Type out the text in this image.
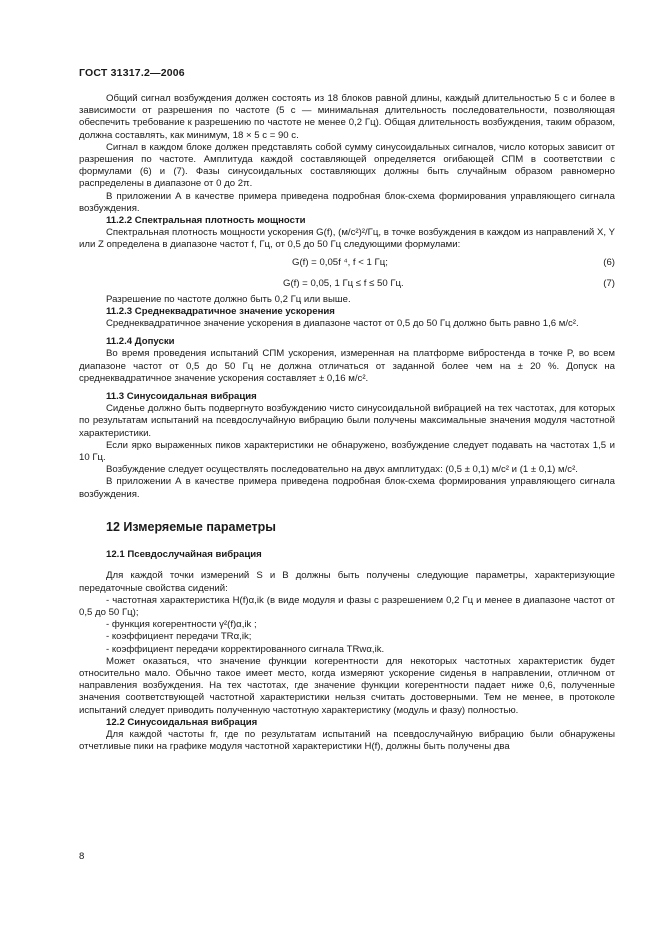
ГОСТ 31317.2—2006

Общий сигнал возбуждения должен состоять из 18 блоков равной длины, каждый длительностью 5 с и более в зависимости от разрешения по частоте (5 с — минимальная длительность последовательности, позволяющая обеспечить требование к разрешению по частоте не менее 0,2 Гц). Общая длительность возбуждения, таким образом, должна составлять, как минимум, 18 × 5 с = 90 с.

Сигнал в каждом блоке должен представлять собой сумму синусоидальных сигналов, число которых зависит от разрешения по частоте. Амплитуда каждой составляющей определяется огибающей СПМ в соответствии с формулами (6) и (7). Фазы синусоидальных составляющих должны быть случайным образом равномерно распределены в диапазоне от 0 до 2π.

В приложении А в качестве примера приведена подробная блок-схема формирования управляющего сигнала возбуждения.

11.2.2 Спектральная плотность мощности

Спектральная плотность мощности ускорения G(f), (м/с²)²/Гц, в точке возбуждения в каждом из направлений X, Y или Z определена в диапазоне частот f, Гц, от 0,5 до 50 Гц следующими формулами:

G(f) = 0,05f ⁴, f < 1 Гц;	(6)
G(f) = 0,05, 1 Гц ≤ f ≤ 50 Гц.	(7)

Разрешение по частоте должно быть 0,2 Гц или выше.

11.2.3 Среднеквадратичное значение ускорения

Среднеквадратичное значение ускорения в диапазоне частот от 0,5 до 50 Гц должно быть равно 1,6 м/с².

11.2.4 Допуски

Во время проведения испытаний СПМ ускорения, измеренная на платформе вибростенда в точке P, во всем диапазоне частот от 0,5 до 50 Гц не должна отличаться от заданной более чем на ± 20 %. Допуск на среднеквадратичное значение ускорения составляет ± 0,16 м/с².

11.3 Синусоидальная вибрация

Сиденье должно быть подвергнуто возбуждению чисто синусоидальной вибрацией на тех частотах, для которых по результатам испытаний на псевдослучайную вибрацию были получены максимальные значения модуля частотной характеристики.

Если ярко выраженных пиков характеристики не обнаружено, возбуждение следует подавать на частотах 1,5 и 10 Гц.

Возбуждение следует осуществлять последовательно на двух амплитудах: (0,5 ± 0,1) м/с² и (1 ± 0,1) м/с².

В приложении А в качестве примера приведена подробная блок-схема формирования управляющего сигнала возбуждения.

12 Измеряемые параметры

12.1 Псевдослучайная вибрация

Для каждой точки измерений S и B должны быть получены следующие параметры, характеризующие передаточные свойства сидений:

- частотная характеристика H(f)α,ik (в виде модуля и фазы с разрешением 0,2 Гц и менее в диапазоне частот от 0,5 до 50 Гц);

- функция когерентности γ²(f)α,ik ;

- коэффициент передачи TRα,ik;

- коэффициент передачи корректированного сигнала TRwα,ik.

Может оказаться, что значение функции когерентности для некоторых частотных характеристик будет относительно мало. Обычно такое имеет место, когда измеряют ускорение сиденья в направлении, отличном от направления возбуждения. На тех частотах, где значение функции когерентности падает ниже 0,6, полученные значения соответствующей частотной характеристики нельзя считать достоверными. Тем не менее, в протоколе испытаний следует приводить полученную частотную характеристику (модуль и фазу) полностью.

12.2 Синусоидальная вибрация

Для каждой частоты fr, где по результатам испытаний на псевдослучайную вибрацию были обнаружены отчетливые пики на графике модуля частотной характеристики H(f), должны быть получены два

8
